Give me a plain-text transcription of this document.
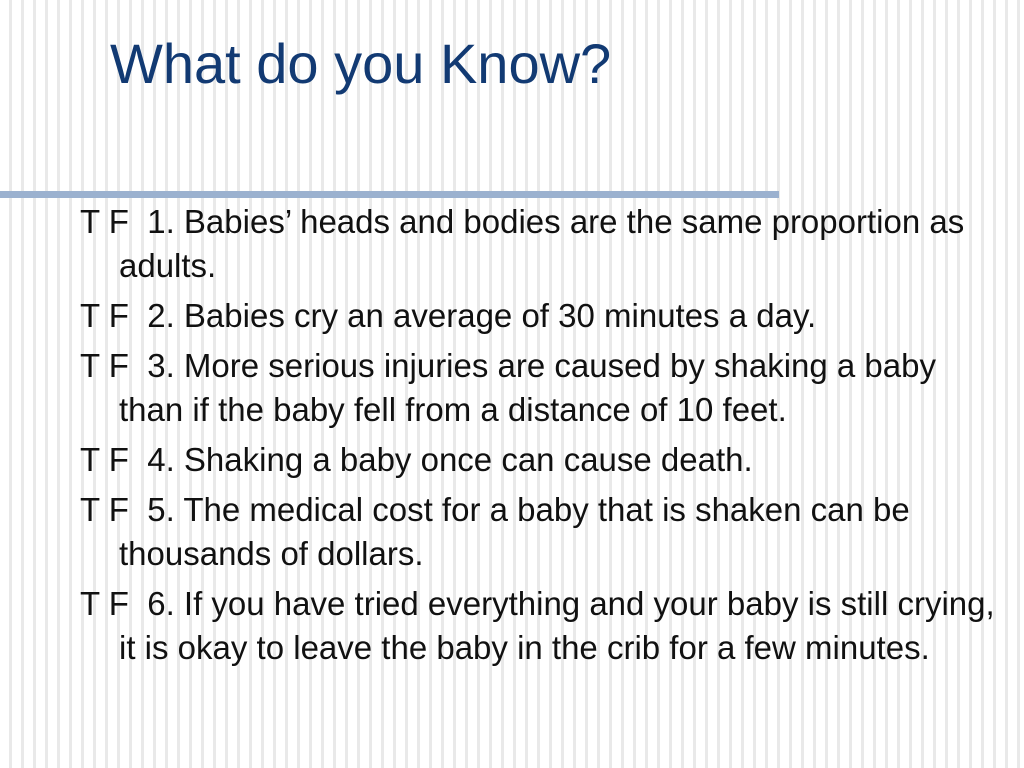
What do you Know?
T F  1. Babies’ heads and bodies are the same proportion as adults.
T F  2. Babies cry an average of 30 minutes a day.
T F  3. More serious injuries are caused by shaking a baby than if the baby fell from a distance of 10 feet.
T F  4. Shaking a baby once can cause death.
T F  5. The medical cost for a baby that is shaken can be thousands of dollars.
T F  6. If you have tried everything and your baby is still crying, it is okay to leave the baby in the crib for a few minutes.
